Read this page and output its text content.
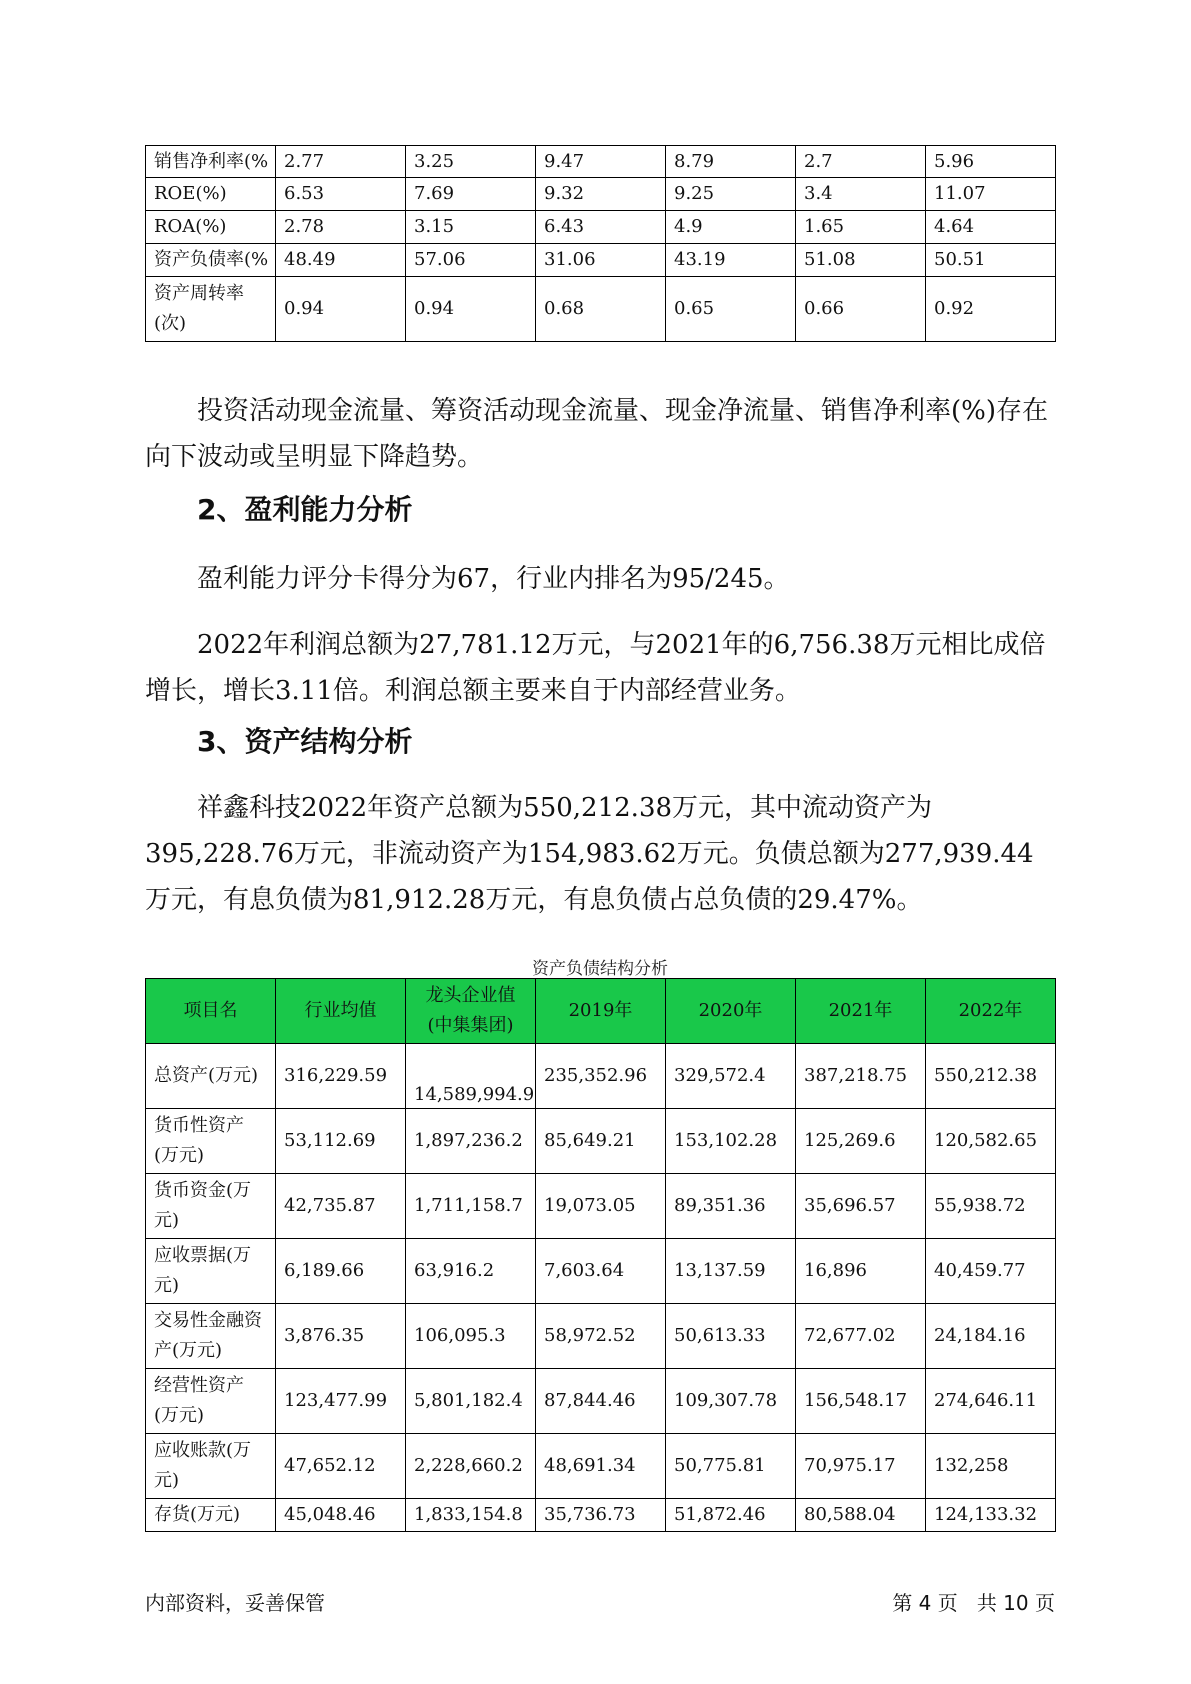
销售净利率(%	2.77	3.25	9.47	8.79	2.7	5.96
ROE(%)	6.53	7.69	9.32	9.25	3.4	11.07
ROA(%)	2.78	3.15	6.43	4.9	1.65	4.64
资产负债率(%	48.49	57.06	31.06	43.19	51.08	50.51
资产周转率(次)	0.94	0.94	0.68	0.65	0.66	0.92

投资活动现金流量、筹资活动现金流量、现金净流量、销售净利率(%)存在向下波动或呈明显下降趋势。

2、盈利能力分析

盈利能力评分卡得分为67，行业内排名为95/245。

2022年利润总额为27,781.12万元，与2021年的6,756.38万元相比成倍增长，增长3.11倍。利润总额主要来自于内部经营业务。

3、资产结构分析

祥鑫科技2022年资产总额为550,212.38万元，其中流动资产为395,228.76万元，非流动资产为154,983.62万元。负债总额为277,939.44万元，有息负债为81,912.28万元，有息负债占总负债的29.47%。

资产负债结构分析
项目名	行业均值	龙头企业值(中集集团)	2019年	2020年	2021年	2022年
总资产(万元)	316,229.59	14,589,994.9	235,352.96	329,572.4	387,218.75	550,212.38
货币性资产(万元)	53,112.69	1,897,236.2	85,649.21	153,102.28	125,269.6	120,582.65
货币资金(万元)	42,735.87	1,711,158.7	19,073.05	89,351.36	35,696.57	55,938.72
应收票据(万元)	6,189.66	63,916.2	7,603.64	13,137.59	16,896	40,459.77
交易性金融资产(万元)	3,876.35	106,095.3	58,972.52	50,613.33	72,677.02	24,184.16
经营性资产(万元)	123,477.99	5,801,182.4	87,844.46	109,307.78	156,548.17	274,646.11
应收账款(万元)	47,652.12	2,228,660.2	48,691.34	50,775.81	70,975.17	132,258
存货(万元)	45,048.46	1,833,154.8	35,736.73	51,872.46	80,588.04	124,133.32
内部资料，妥善保管	第 4 页   共 10 页
